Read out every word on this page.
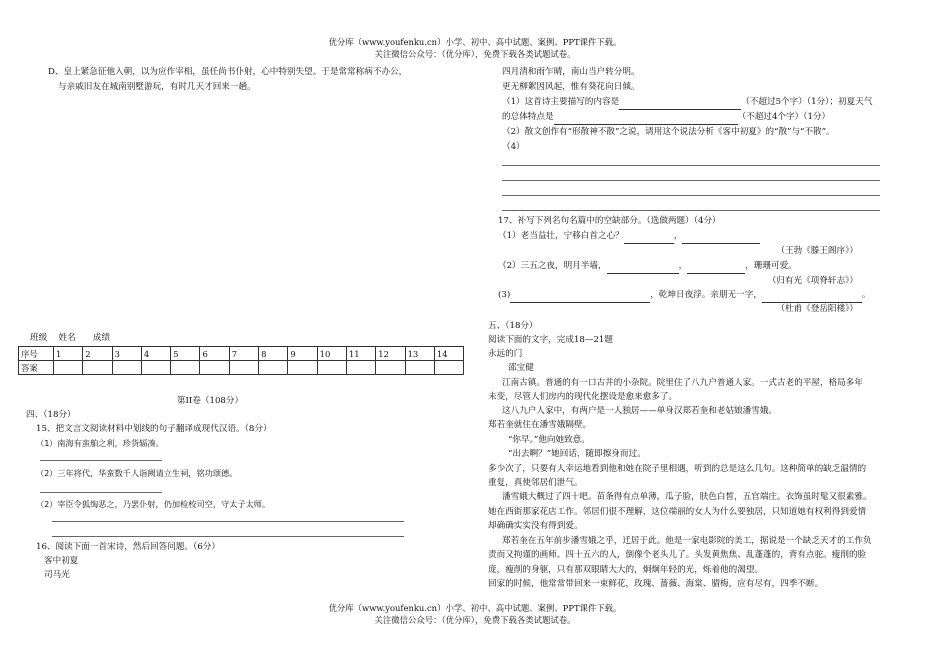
优分库（www.youfenku.cn）小学、初中、高中试题、案例、PPT课件下载。
关注微信公众号：（优分库），免费下载各类试题试卷。
D、皇上紧急征他入朝，以为应作宰相，虽任尚书仆射，心中特别失望。于是常常称病不办公，
与亲戚旧友在城南别墅游玩，有时几天才回来一趟。
班级　 姓名　　成绩
序号	1	2	3	4	5	6	7	8	9	10	11	12	13	14
答案														
第II卷（108分）
四、（18分）
15、把文言文阅读材料中划线的句子翻译成现代汉语。（8分）
（1）南海有蛮舶之利，珍货辐凑。
（2）三年将代，华蛮数千人诣阙请立生祠，铭功颂德。
（2）宰臣令狐绹恶之，乃罢仆射，仍加检校司空，守太子太师。
16、阅读下面一首宋诗，然后回答问题。（6分）
客中初夏
司马光
四月清和雨乍晴，南山当户转分明。
更无柳絮因风起，惟有葵花向日倾。
（1）这首诗主要描写的内容是	（不超过5个字）（1分）；初夏天气
的总体特点是	（不超过4个字）（1分）
（2）散文创作有“形散神不散”之说，请用这个说法分析《客中初夏》的“散”与“不散”。
（4）
17、补写下列名句名篇中的空缺部分。（选做两题）（4分）
（1）老当益壮，宁移白首之心？	，
（王勃《滕王阁序》）
（2）三五之夜，明月半墙，	，	，珊珊可爱。
（归有光《项脊轩志》）
(3)	，乾坤日夜浮。亲朋无一字，	。
（杜甫《登岳阳楼》）
五、（18分）
阅读下面的文字，完成18—21题
永远的门
邵宝健
江南古镇。普通的有一口古井的小杂院。院里住了八九户普通人家。一式古老的平屋，格局多年
未变，尽管人们房内的现代化摆设是愈来愈多了。
这八九户人家中，有两户是一人独居——单身汉郑若奎和老姑娘潘雪娥。
郑若奎就住在潘雪娥隔壁。
“你早。”他向她致意。
“出去啊？”她回话，随即擦身而过。
多少次了，只要有人幸运地看到他和她在院子里相遇，听到的总是这么几句。这种简单的缺乏温情的
重复，真使邻居们泄气。
潘雪娥大概过了四十吧。苗条得有点单薄，瓜子脸，肤色白皙，五官端庄。衣饰虽时髦又很素雅。
她在西街那家花店工作。邻居们很不理解，这位端丽的女人为什么要独居，只知道她有权利得到爱情
却确确实实没有得到爱。
郑若奎在五年前步潘雪娥之乎，迁居于此。他是一家电影院的美工，据说是一个缺乏天才的工作负
责而又拘谨的画师。四十五六的人，倒像个老头儿了。头发黄焦焦、乱蓬蓬的，背有点驼。瘦削的脸
庞，瘦削的身躯，只有那双眼睛大大的，炯炯年轻的光，烁着他的渴望。
回家的时候，他常常带回来一束鲜花，玫瑰、蔷薇、海棠、腊梅，应有尽有，四季不断。
优分库（www.youfenku.cn）小学、初中、高中试题、案例、PPT课件下载。
关注微信公众号：（优分库），免费下载各类试题试卷。
